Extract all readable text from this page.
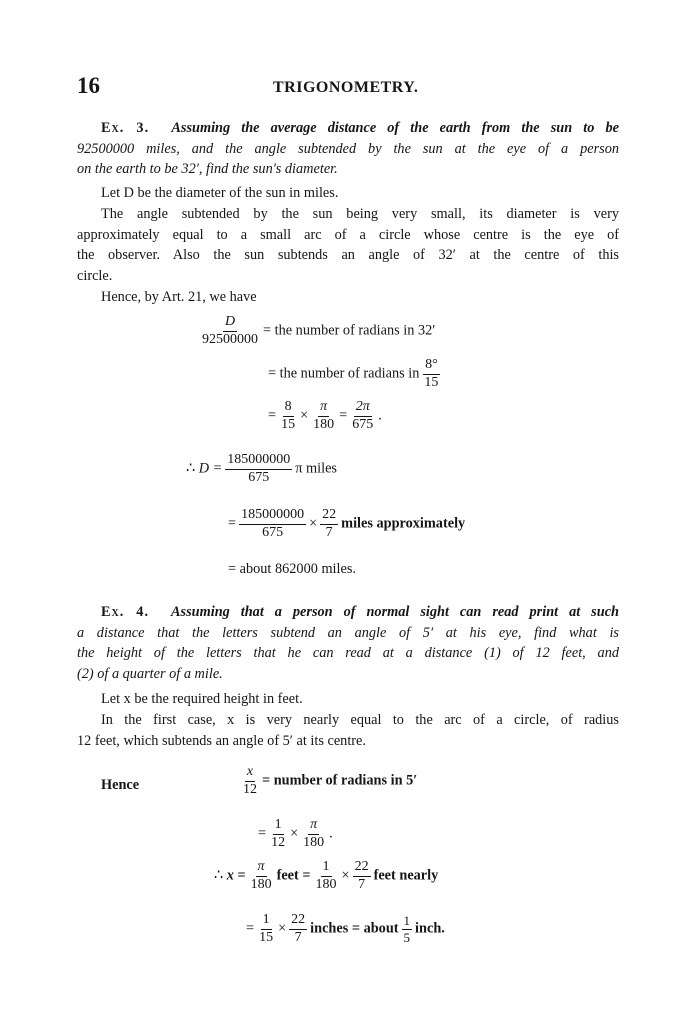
16	TRIGONOMETRY.
Ex. 3. Assuming the average distance of the earth from the sun to be
92500000 miles, and the angle subtended by the sun at the eye of a person
on the earth to be 32′, find the sun's diameter.
Let D be the diameter of the sun in miles.
The angle subtended by the sun being very small, its diameter is very
approximately equal to a small arc of a circle whose centre is the eye of
the observer. Also the sun subtends an angle of 32′ at the centre of this
circle.
Hence, by Art. 21, we have
$\frac{D}{92500000}$ = the number of radians in 32′
= the number of radians in $\frac{8^\circ}{15}$
= $\frac{8}{15} \times \frac{\pi}{180} = \frac{2\pi}{675}$ .
∴ $D = \frac{185000000}{675}$ π miles
= $\frac{185000000}{675} \times \frac{22}{7}$ miles approximately
= about 862000 miles.
Ex. 4. Assuming that a person of normal sight can read print at such
a distance that the letters subtend an angle of 5′ at his eye, find what is
the height of the letters that he can read at a distance (1) of 12 feet, and
(2) of a quarter of a mile.
Let x be the required height in feet.
In the first case, x is very nearly equal to the arc of a circle, of radius
12 feet, which subtends an angle of 5′ at its centre.
Hence	$\frac{x}{12}$ = number of radians in 5′
= $\frac{1}{12} \times \frac{\pi}{180}$ .
∴ $x = \frac{\pi}{180}$ feet = $\frac{1}{180} \times \frac{22}{7}$ feet nearly
= $\frac{1}{15} \times \frac{22}{7}$ inches = about $\frac{1}{5}$ inch.
